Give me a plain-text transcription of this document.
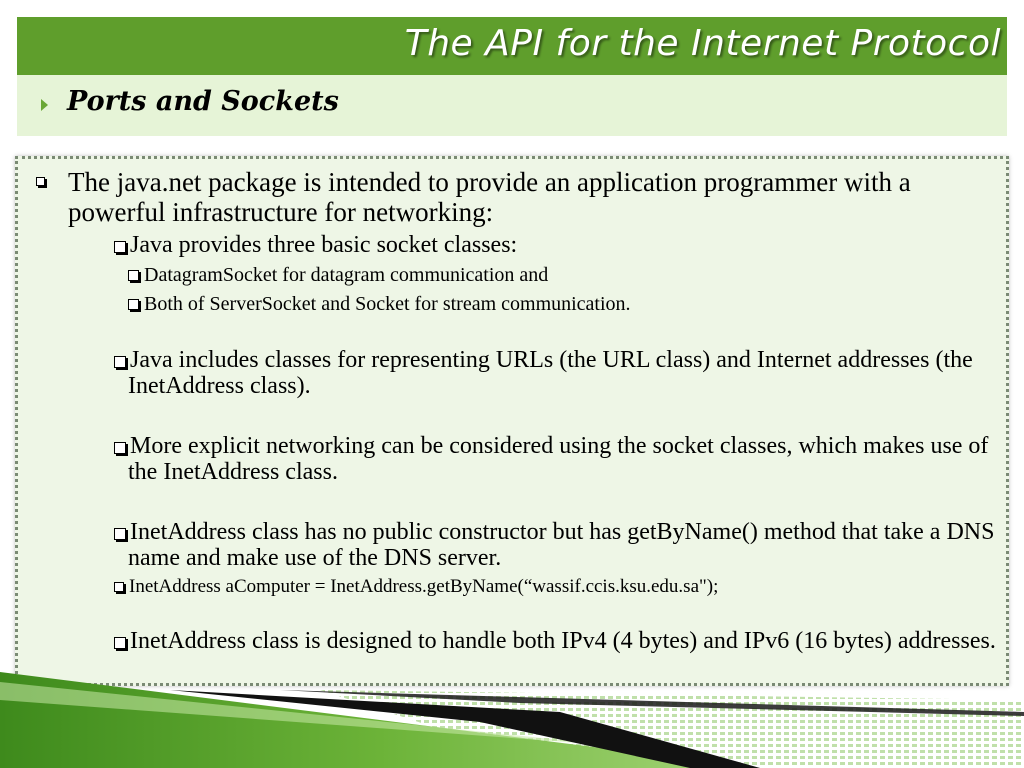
The API for the Internet Protocol
Ports and Sockets
The java.net package is intended to provide an application programmer with a powerful infrastructure for networking:
Java provides three basic socket classes:
DatagramSocket for datagram communication and
Both of ServerSocket and Socket for stream communication.
Java includes classes for representing URLs (the URL class) and Internet addresses (the InetAddress class).
More explicit networking can be considered using the socket classes, which makes use of the InetAddress class.
InetAddress class has no public constructor but has getByName() method that take a DNS name and make use of the DNS server.
InetAddress aComputer = InetAddress.getByName(“wassif.ccis.ksu.edu.sa");
InetAddress class is designed to handle both IPv4 (4 bytes) and IPv6 (16 bytes) addresses.
